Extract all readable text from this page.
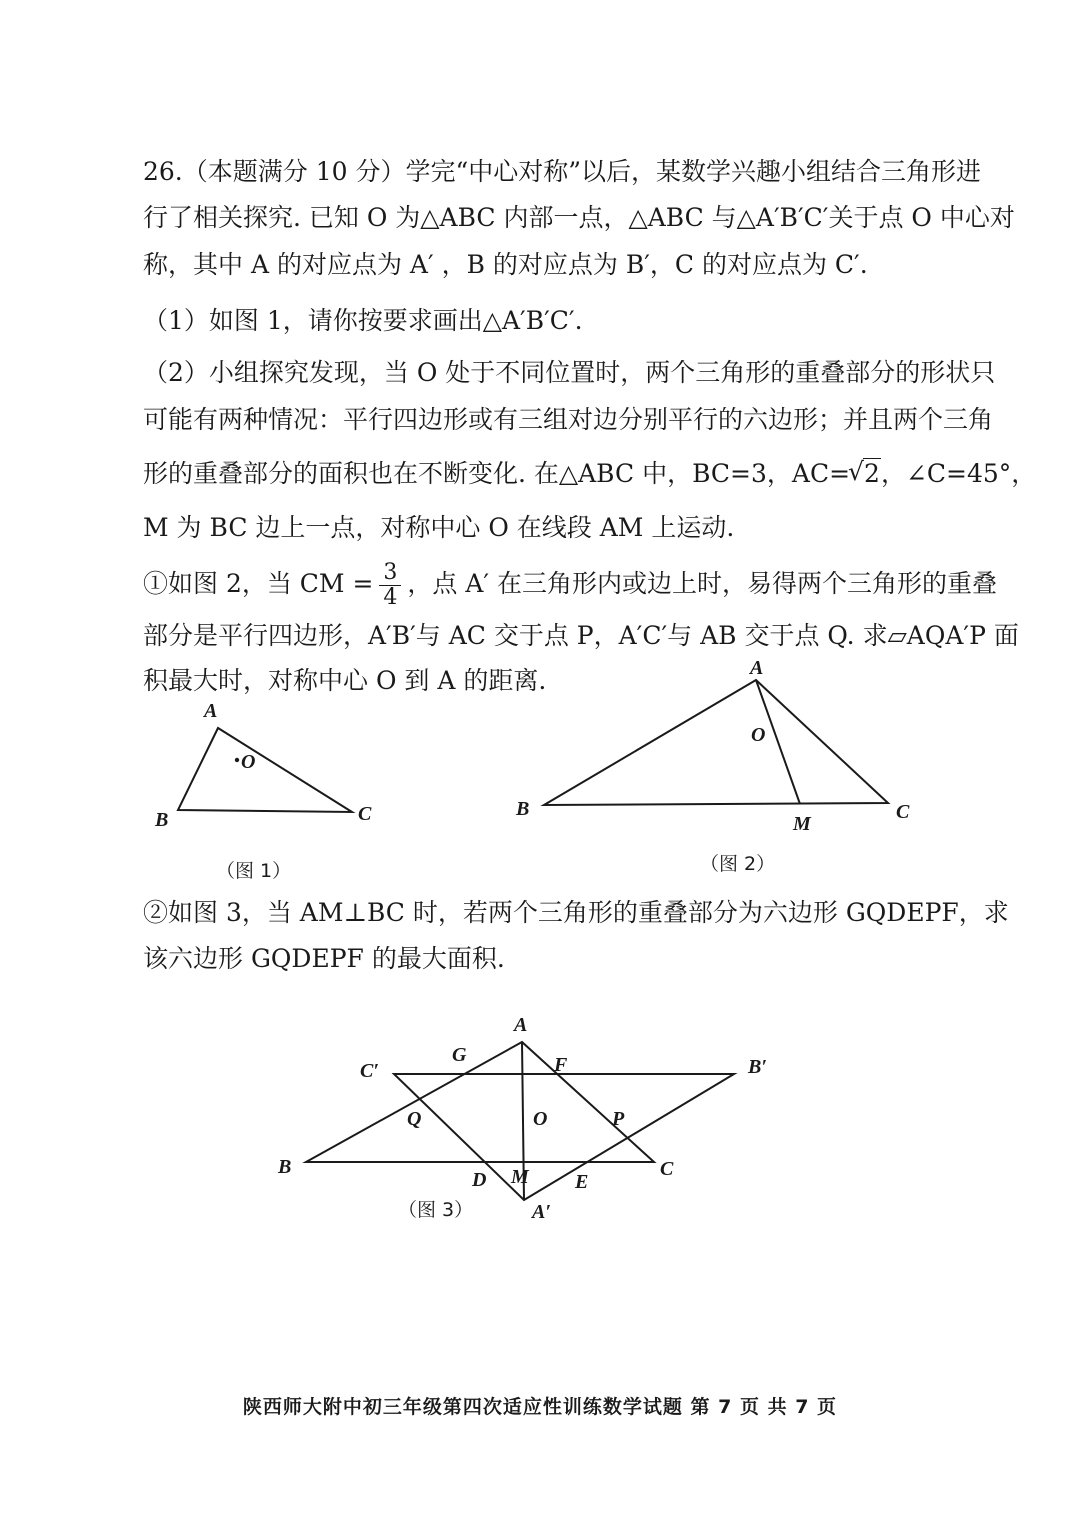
26.（本题满分 10 分）学完“中心对称”以后，某数学兴趣小组结合三角形进
行了相关探究. 已知 O 为△ABC 内部一点，△ABC 与△A′B′C′关于点 O 中心对
称，其中 A 的对应点为 A′ ，B 的对应点为 B′，C 的对应点为 C′.
（1）如图 1，请你按要求画出△A′B′C′.
（2）小组探究发现，当 O 处于不同位置时，两个三角形的重叠部分的形状只
可能有两种情况：平行四边形或有三组对边分别平行的六边形；并且两个三角
形的重叠部分的面积也在不断变化. 在△ABC 中，BC=3，AC= √ 2，∠C=45°，
M 为 BC 边上一点，对称中心 O 在线段 AM 上运动.
①如图 2，当 CM = $\frac{3}{4}$ ，点 A′ 在三角形内或边上时，易得两个三角形的重叠
部分是平行四边形，A′B′与 AC 交于点 P，A′C′与 AB 交于点 Q. 求▱AQA′P 面
积最大时，对称中心 O 到 A 的距离.
A
O
B	C
（图 1）
A
O
B	C
M
（图 2）
②如图 3，当 AM⊥BC 时，若两个三角形的重叠部分为六边形 GQDEPF，求
该六边形 GQDEPF 的最大面积.
A
G	F
C′	B′
Q	O	P
B	C
D M E
A′
（图 3）
陕西师大附中初三年级第四次适应性训练数学试题 第 7 页 共 7 页
